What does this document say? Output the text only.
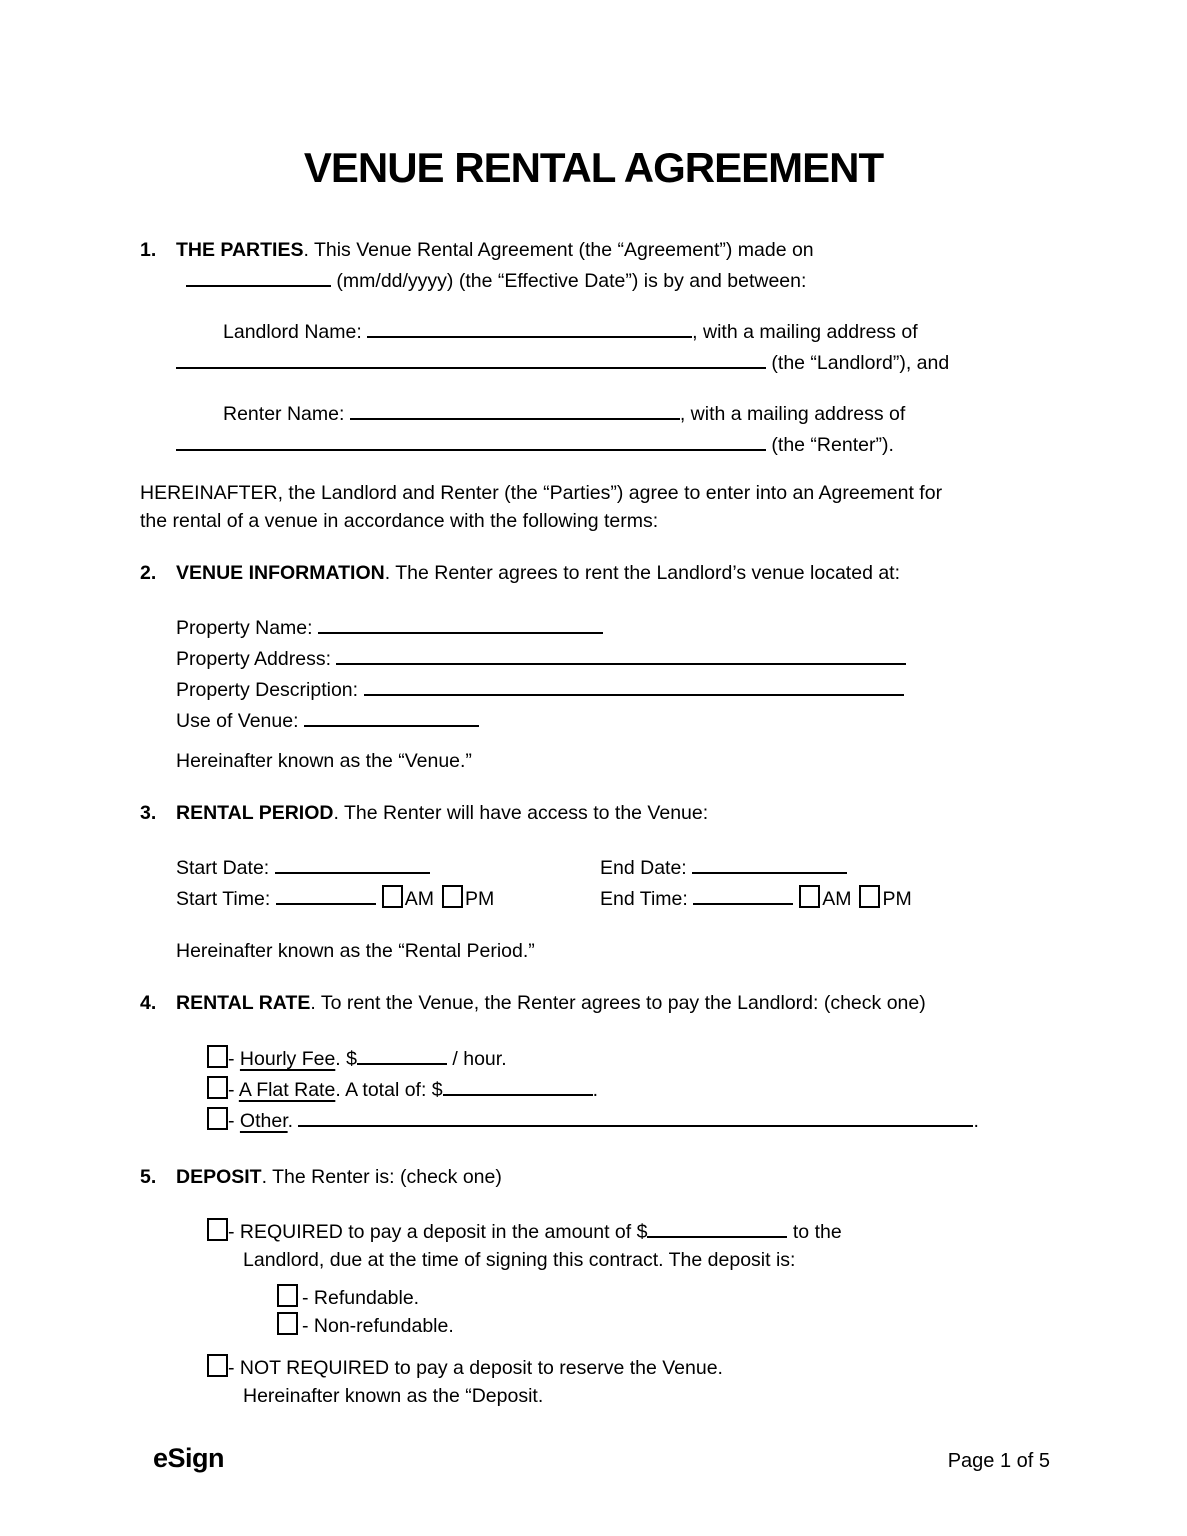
VENUE RENTAL AGREEMENT
1.	THE PARTIES. This Venue Rental Agreement (the “Agreement”) made on
(mm/dd/yyyy) (the “Effective Date”) is by and between:
Landlord Name:	, with a mailing address of
(the “Landlord”), and
Renter Name:	, with a mailing address of
(the “Renter”).
HEREINAFTER, the Landlord and Renter (the “Parties”) agree to enter into an Agreement for
the rental of a venue in accordance with the following terms:
2.	VENUE INFORMATION. The Renter agrees to rent the Landlord’s venue located at:
Property Name:
Property Address:
Property Description:
Use of Venue:
Hereinafter known as the “Venue.”
3.	RENTAL PERIOD. The Renter will have access to the Venue:
Start Date:	End Date:
Start Time:	AM PM	End Time:	AM PM
Hereinafter known as the “Rental Period.”
4.	RENTAL RATE. To rent the Venue, the Renter agrees to pay the Landlord: (check one)
- Hourly Fee. $	/ hour.
- A Flat Rate. A total of: $	.
- Other.	.
5.	DEPOSIT. The Renter is: (check one)
- REQUIRED to pay a deposit in the amount of $	to the
Landlord, due at the time of signing this contract. The deposit is:
- Refundable.
- Non-refundable.
- NOT REQUIRED to pay a deposit to reserve the Venue.
Hereinafter known as the “Deposit.
eSign	Page 1 of 5
